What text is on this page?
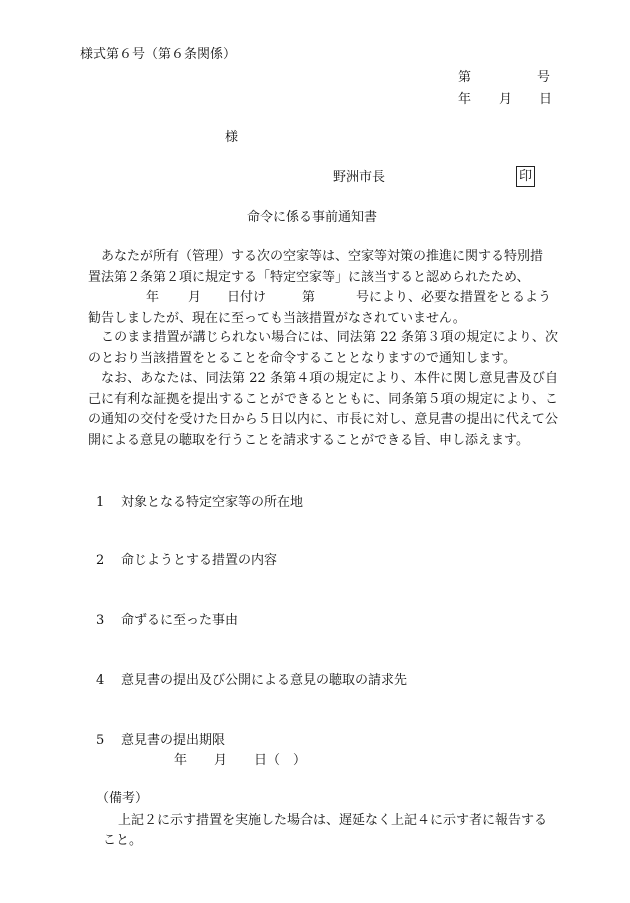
様式第６号（第６条関係）
第	号
年 月 日
様
野洲市長	印
命令に係る事前通知書
あなたが所有（管理）する次の空家等は、空家等対策の推進に関する特別措
置法第２条第２項に規定する「特定空家等」に該当すると認められたため、
年 月 日付け	第	号により、必要な措置をとるよう
勧告しましたが、現在に至っても当該措置がなされていません。

このまま措置が講じられない場合には、同法第 22 条第３項の規定により、次のとおり当該措置をとることを命令することとなりますので通知します。

なお、あなたは、同法第 22 条第４項の規定により、本件に関し意見書及び自己に有利な証拠を提出することができるとともに、同条第５項の規定により、この通知の交付を受けた日から５日以内に、市長に対し、意見書の提出に代えて公開による意見の聴取を行うことを請求することができる旨、申し添えます。

1 対象となる特定空家等の所在地
2 命じようとする措置の内容
3 命ずるに至った事由
4 意見書の提出及び公開による意見の聴取の請求先
5 意見書の提出期限
年 月 日（　）
（備考）
上記２に示す措置を実施した場合は、遅延なく上記４に示す者に報告する
こと。
